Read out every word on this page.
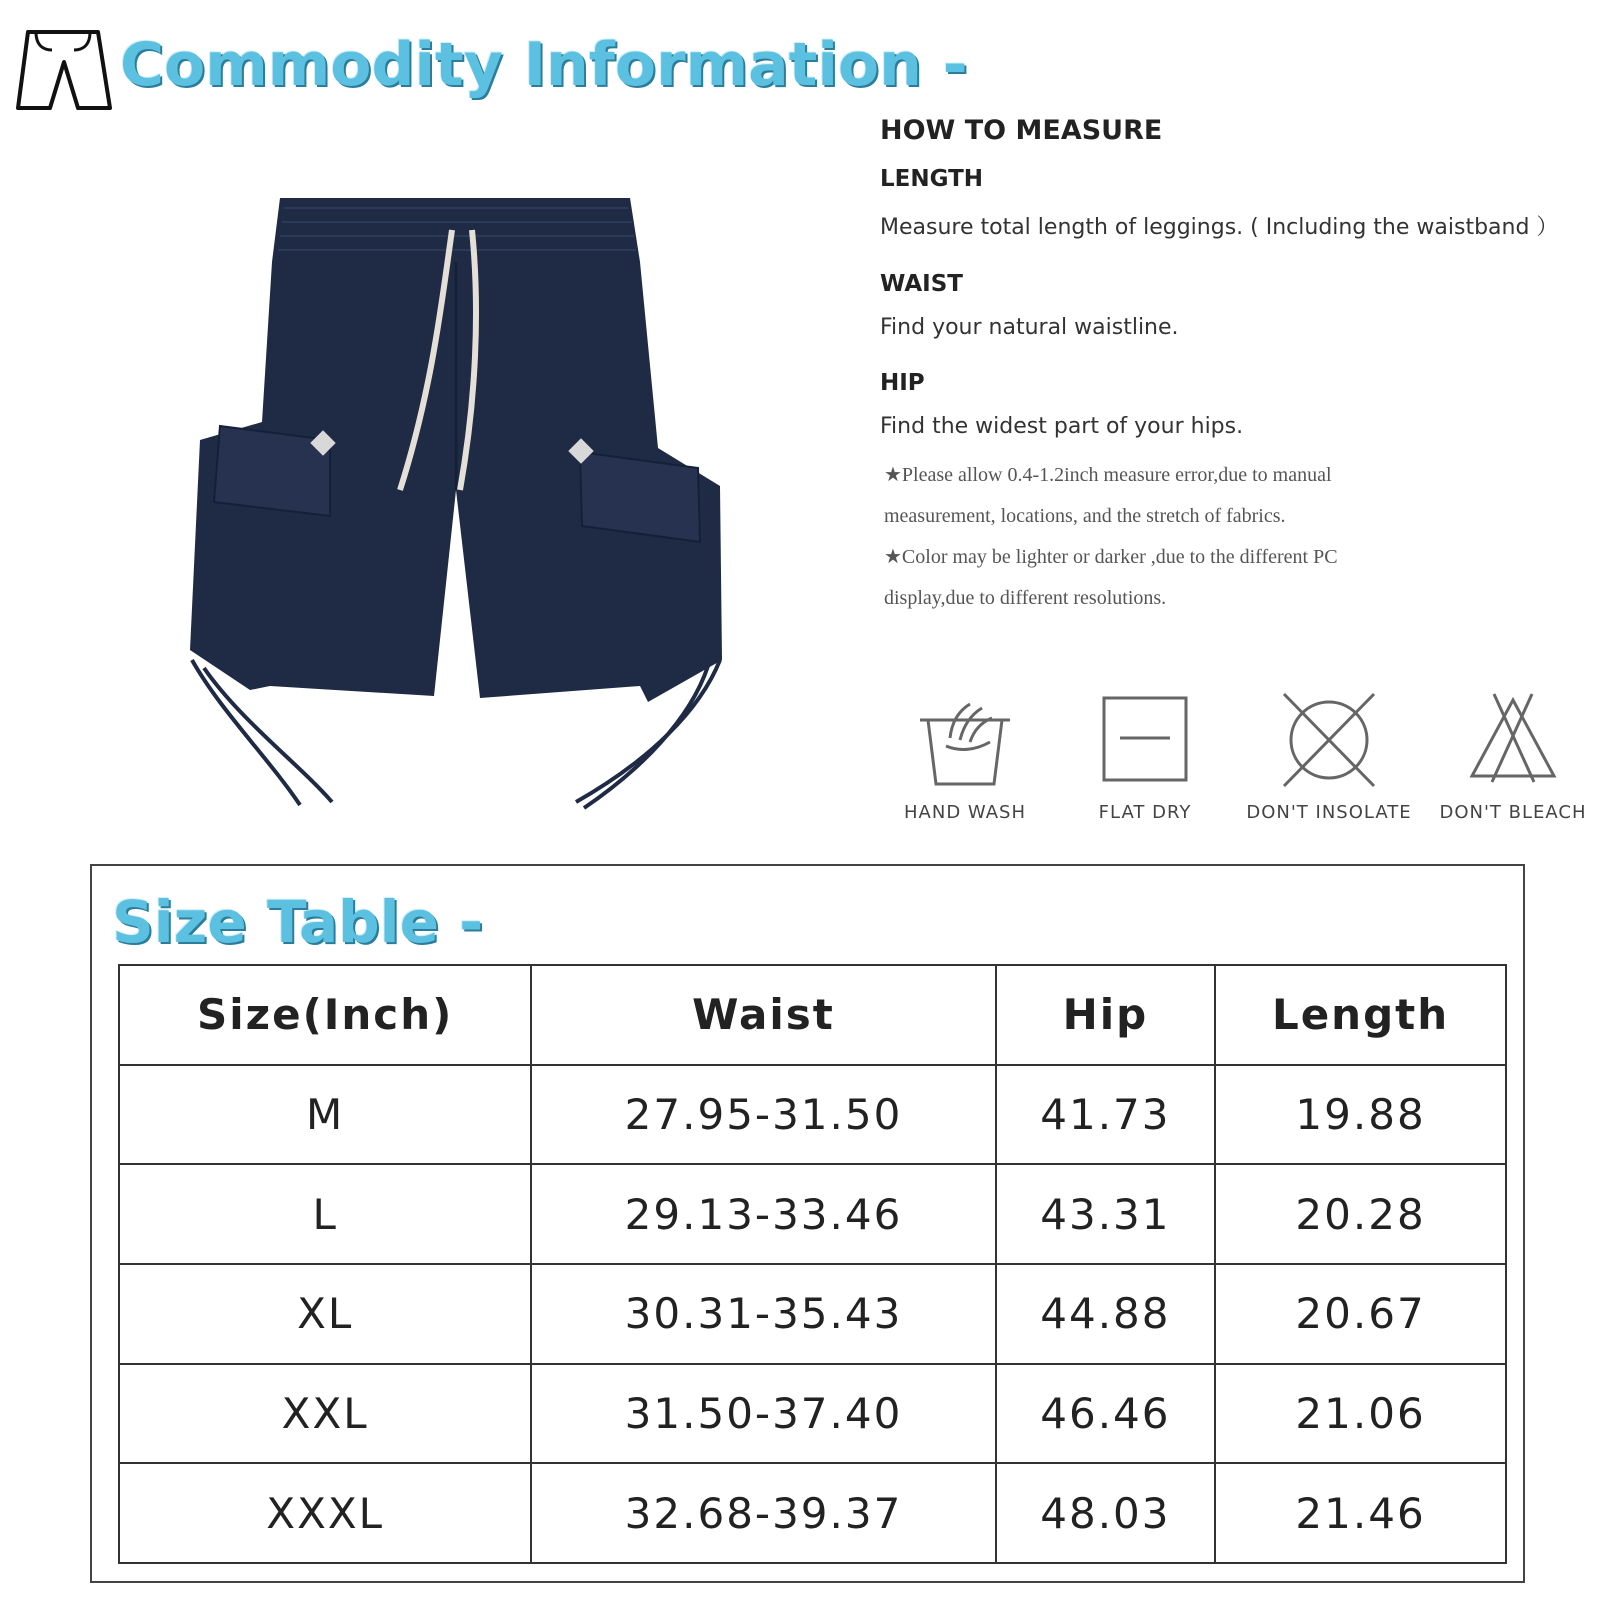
Commodity Information -
HOW TO MEASURE
LENGTH
Measure total length of leggings. ( Including the waistband ）
WAIST
Find your natural waistline.
HIP
Find the widest part of your hips.
★Please allow 0.4-1.2inch measure error,due to manual measurement, locations, and the stretch of fabrics.
★Color may be lighter or darker ,due to the different PC display,due to different resolutions.
HAND WASH	FLAT DRY	DON'T INSOLATE	DON'T BLEACH
Size Table -
Size(Inch)	Waist	Hip	Length
M	27.95-31.50	41.73	19.88
L	29.13-33.46	43.31	20.28
XL	30.31-35.43	44.88	20.67
XXL	31.50-37.40	46.46	21.06
XXXL	32.68-39.37	48.03	21.46
